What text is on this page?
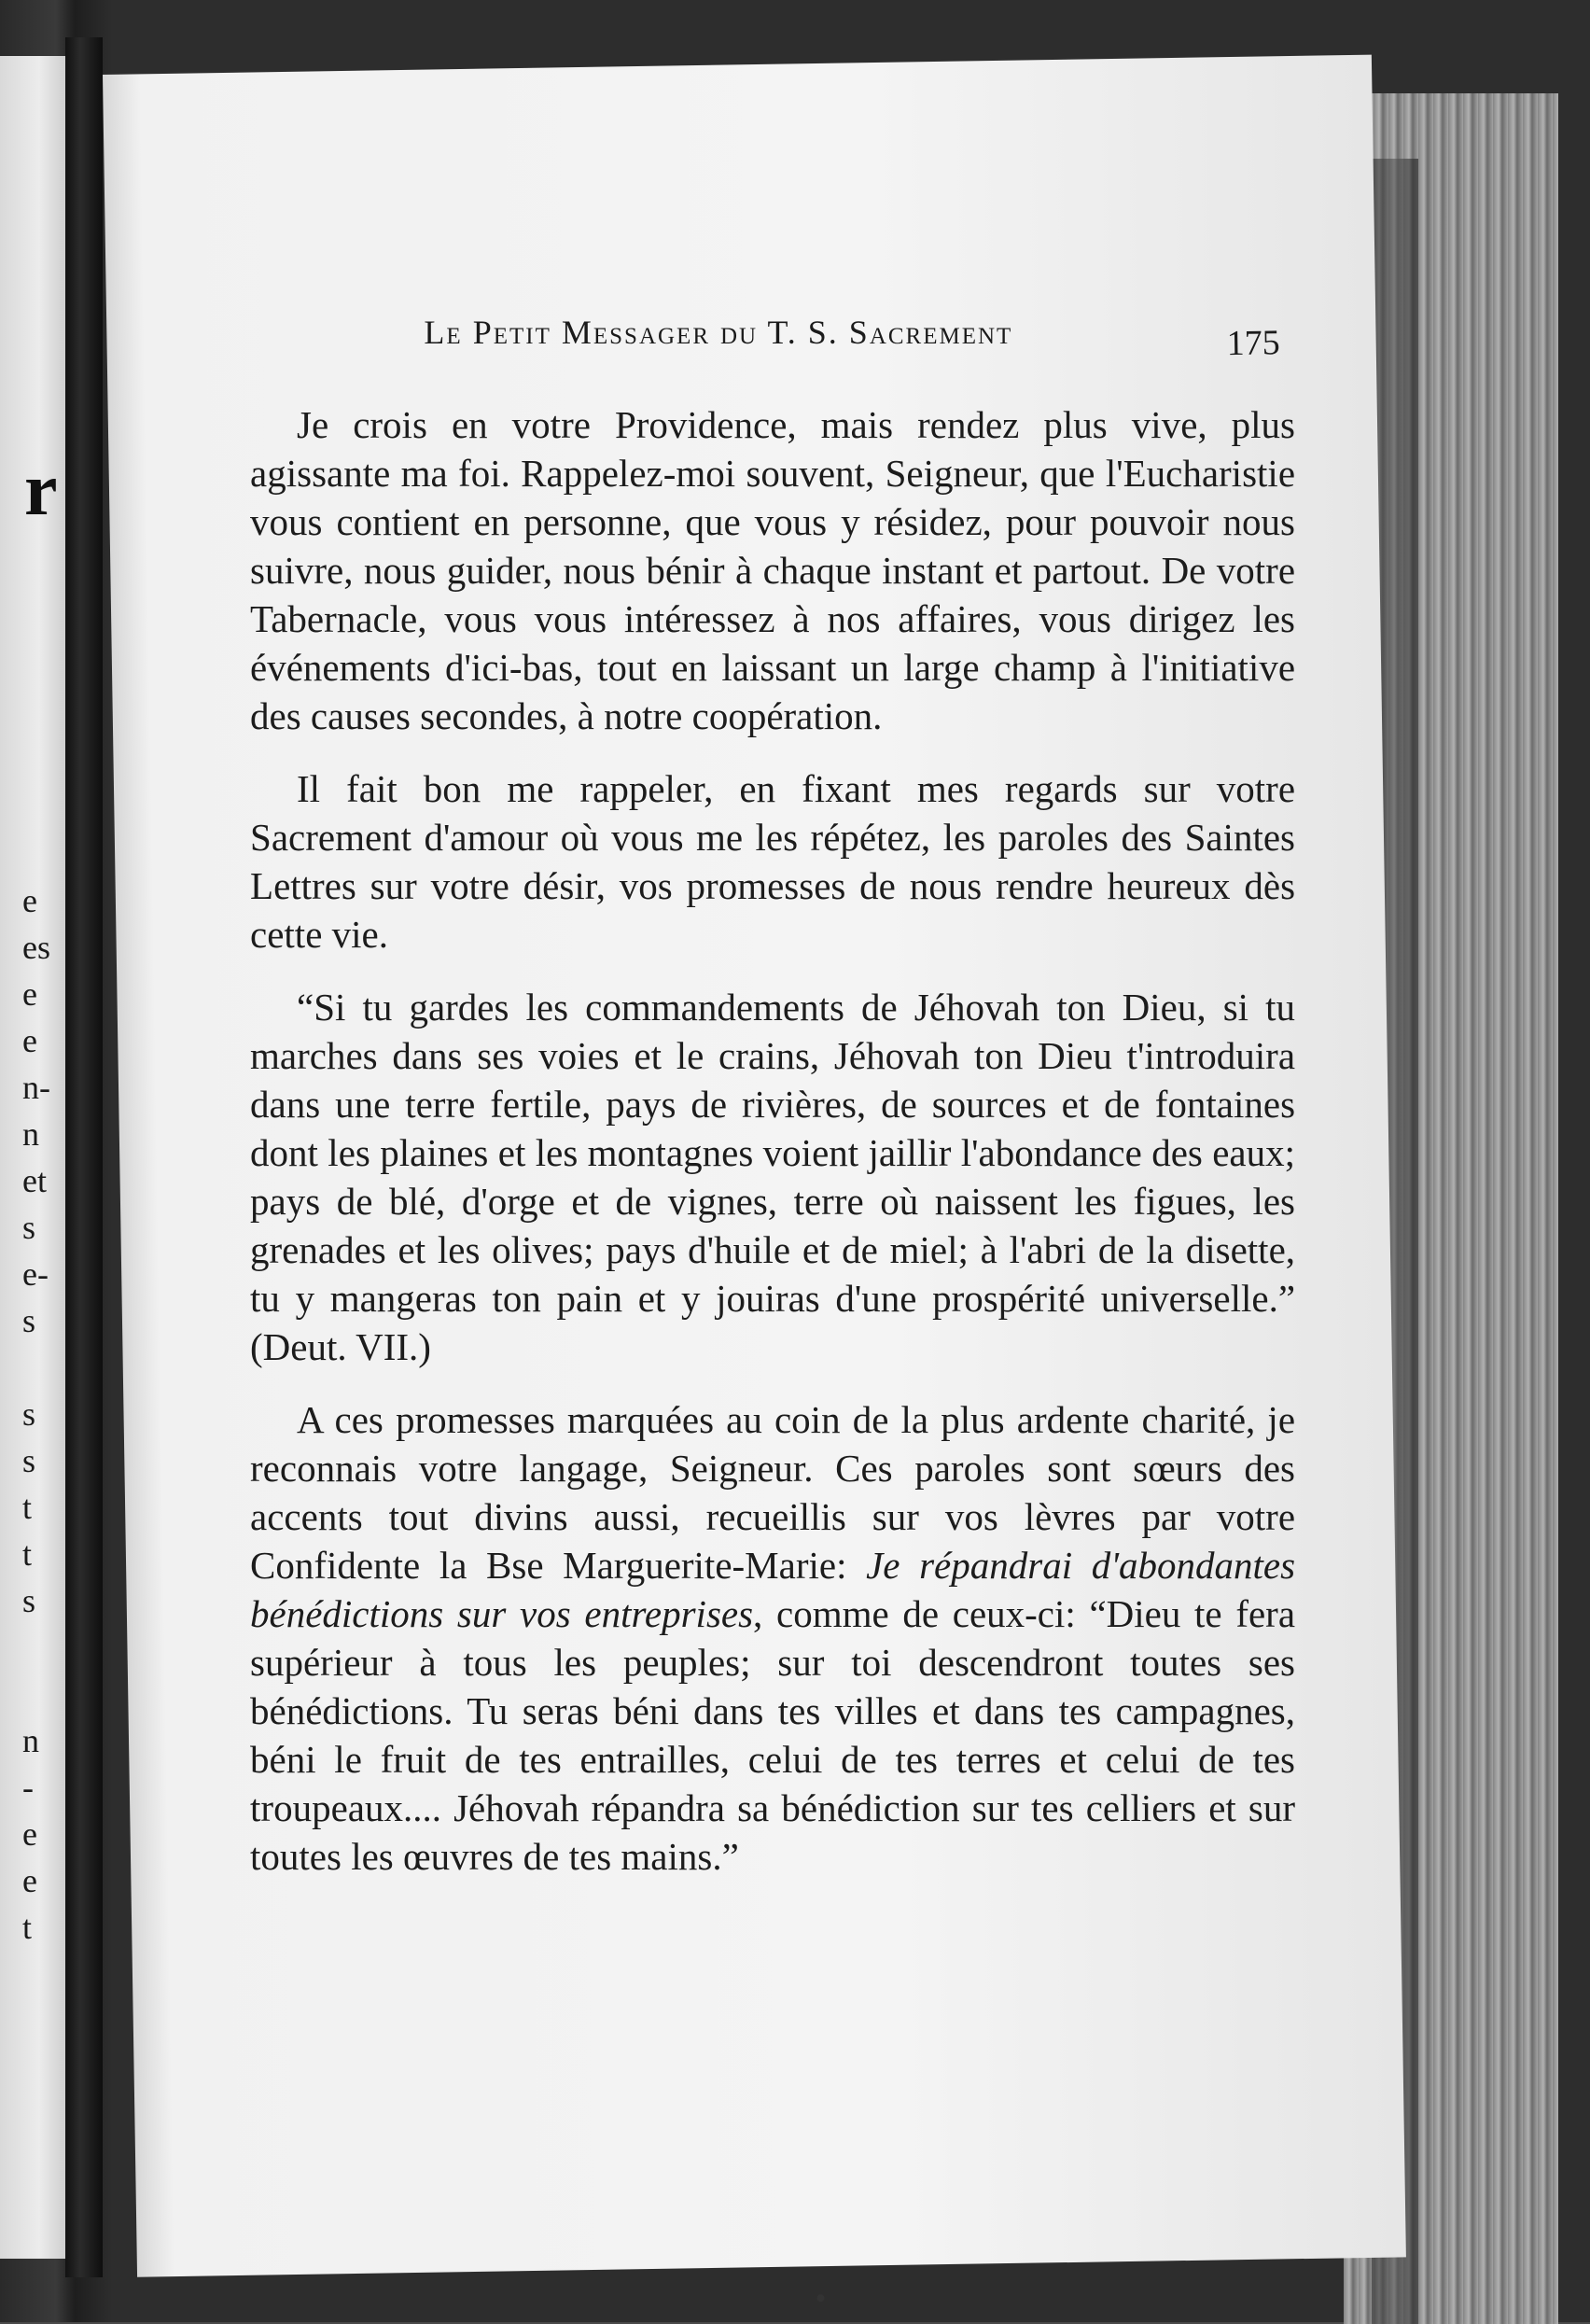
r
e
es
e
e
n-
n
et
s
e-
s
s
s
t
t
s
n
-
e
e
t
Le Petit Messager du T. S. Sacrement	175

Je crois en votre Providence, mais rendez plus vive, plus agissante ma foi. Rappelez-moi souvent, Seigneur, que l'Eucharistie vous contient en personne, que vous y résidez, pour pouvoir nous suivre, nous guider, nous bénir à chaque instant et partout. De votre Tabernacle, vous vous intéressez à nos affaires, vous dirigez les événements d'ici-bas, tout en laissant un large champ à l'initiative des causes secondes, à notre coopération.

Il fait bon me rappeler, en fixant mes regards sur votre Sacrement d'amour où vous me les répétez, les paroles des Saintes Lettres sur votre désir, vos promesses de nous rendre heureux dès cette vie.

“Si tu gardes les commandements de Jéhovah ton Dieu, si tu marches dans ses voies et le crains, Jéhovah ton Dieu t'introduira dans une terre fertile, pays de rivières, de sources et de fontaines dont les plaines et les montagnes voient jaillir l'abondance des eaux; pays de blé, d'orge et de vignes, terre où naissent les figues, les grenades et les olives; pays d'huile et de miel; à l'abri de la disette, tu y mangeras ton pain et y jouiras d'une prospérité universelle.” (Deut. VII.)

A ces promesses marquées au coin de la plus ardente charité, je reconnais votre langage, Seigneur. Ces paroles sont sœurs des accents tout divins aussi, recueillis sur vos lèvres par votre Confidente la Bse Marguerite-Marie: Je répandrai d'abondantes bénédictions sur vos entreprises, comme de ceux-ci: “Dieu te fera supérieur à tous les peuples; sur toi descendront toutes ses bénédictions. Tu seras béni dans tes villes et dans tes campagnes, béni le fruit de tes entrailles, celui de tes terres et celui de tes troupeaux.... Jéhovah répandra sa bénédiction sur tes celliers et sur toutes les œuvres de tes mains.”
